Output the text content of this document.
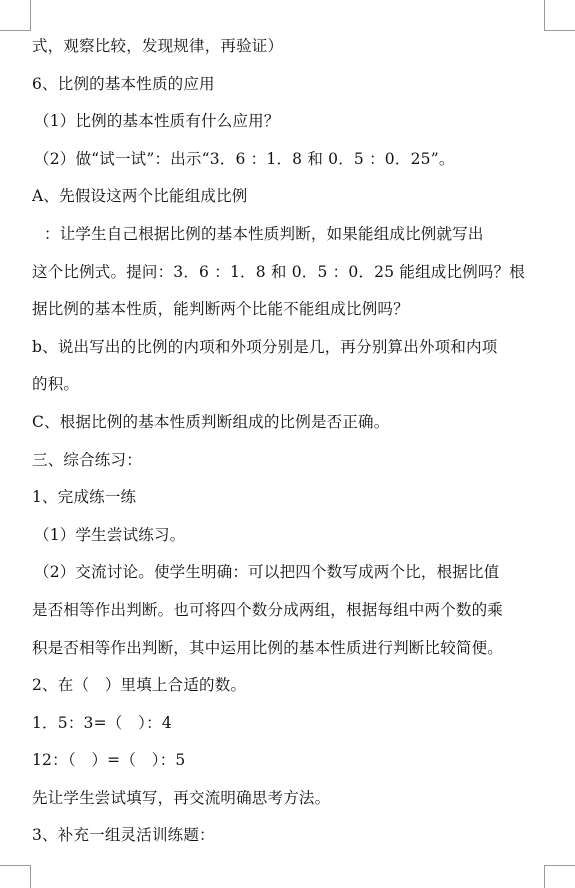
式，观察比较，发现规律，再验证）
6、比例的基本性质的应用
（1）比例的基本性质有什么应用？
（2）做“试一试”：出示“3．6 ：1．8 和 0．5 ：0．25”。
A、先假设这两个比能组成比例
：让学生自己根据比例的基本性质判断，如果能组成比例就写出
这个比例式。提问：3．6 ：1．8 和 0．5 ：0．25 能组成比例吗？根
据比例的基本性质，能判断两个比能不能组成比例吗？
b、说出写出的比例的内项和外项分别是几，再分别算出外项和内项
的积。
C、根据比例的基本性质判断组成的比例是否正确。
三、综合练习：
1、完成练一练
（1）学生尝试练习。
（2）交流讨论。使学生明确：可以把四个数写成两个比，根据比值
是否相等作出判断。也可将四个数分成两组，根据每组中两个数的乘
积是否相等作出判断，其中运用比例的基本性质进行判断比较简便。
2、在（　）里填上合适的数。
1．5：3=（　）：4
12：（　）=（　）：5
先让学生尝试填写，再交流明确思考方法。
3、补充一组灵活训练题：
